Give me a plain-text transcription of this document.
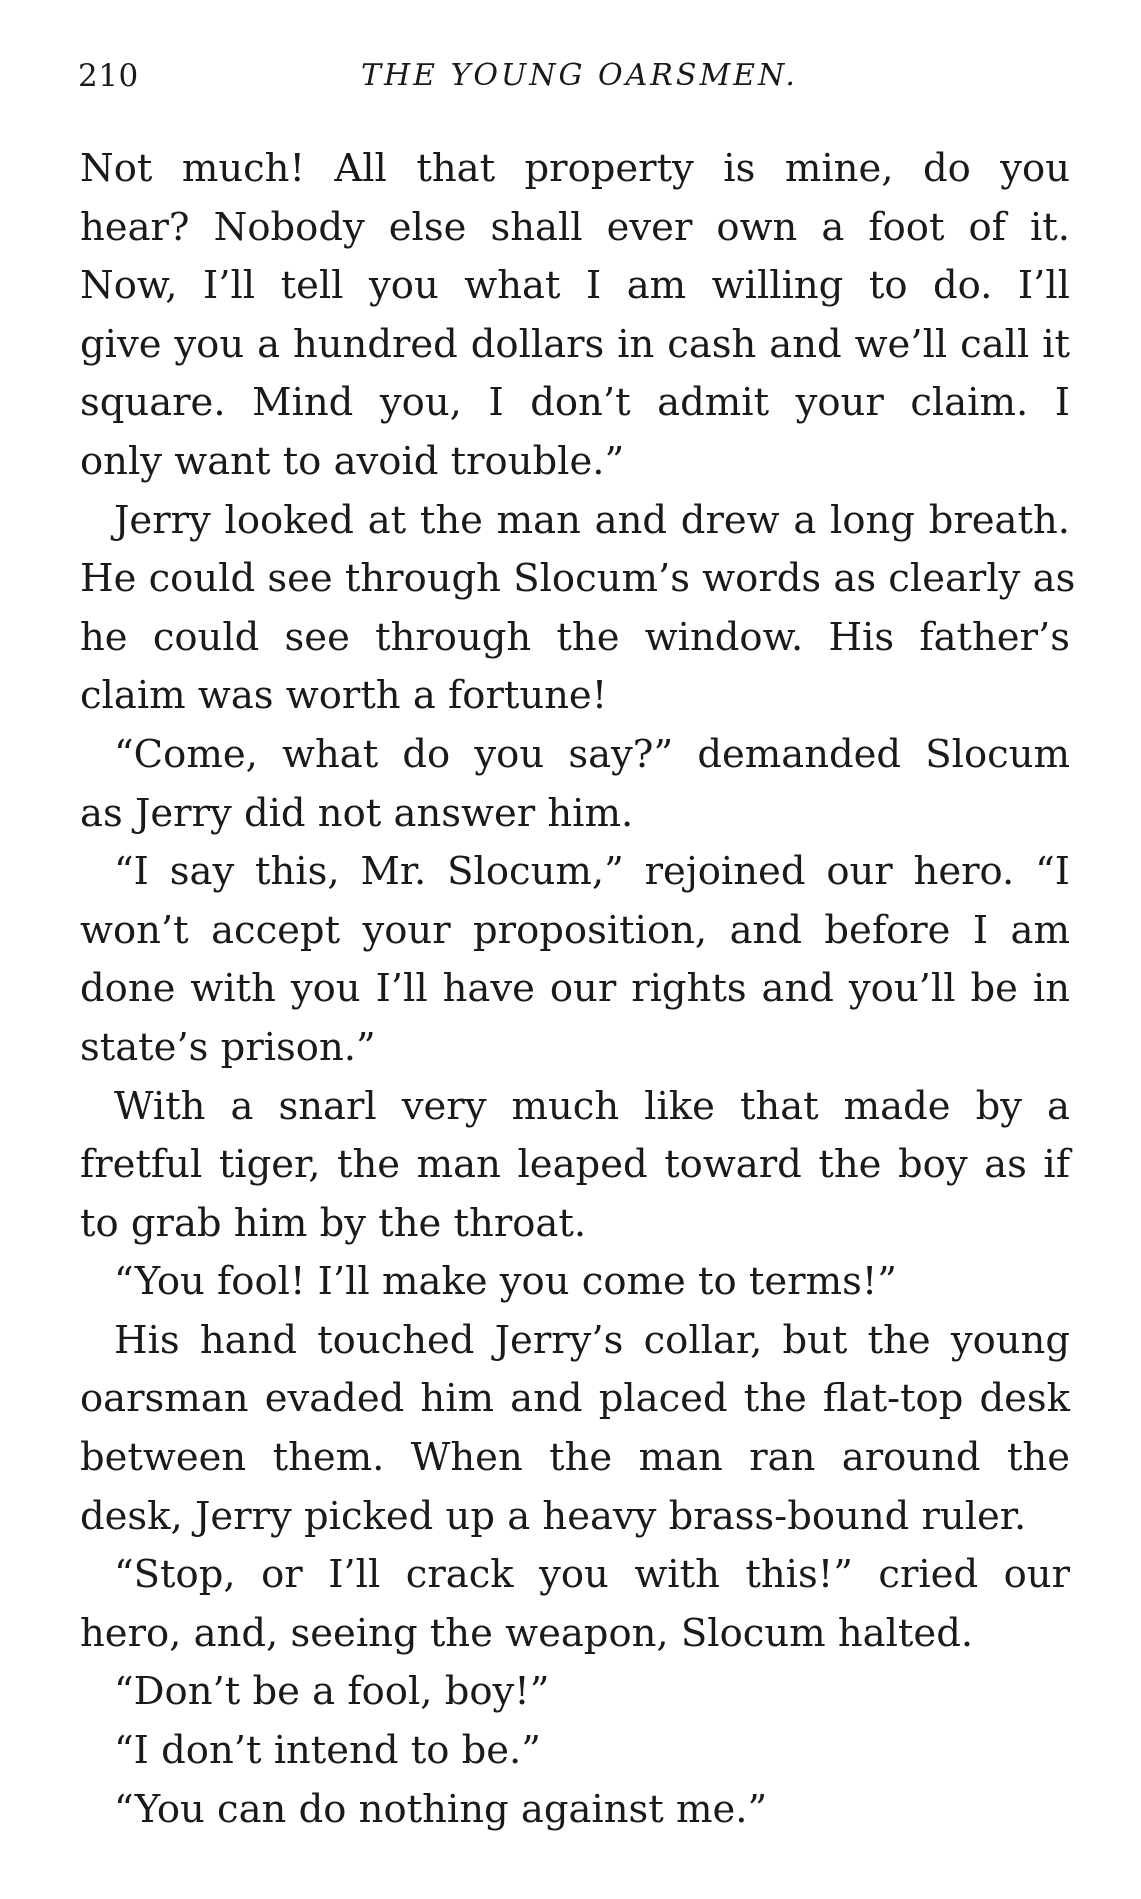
210	THE YOUNG OARSMEN.
Not much! All that property is mine, do you
hear? Nobody else shall ever own a foot of it.
Now, I’ll tell you what I am willing to do. I’ll
give you a hundred dollars in cash and we’ll call it
square. Mind you, I don’t admit your claim. I
only want to avoid trouble.”
Jerry looked at the man and drew a long breath.
He could see through Slocum’s words as clearly as
he could see through the window. His father’s
claim was worth a fortune!
“Come, what do you say?” demanded Slocum
as Jerry did not answer him.
“I say this, Mr. Slocum,” rejoined our hero. “I
won’t accept your proposition, and before I am
done with you I’ll have our rights and you’ll be in
state’s prison.”
With a snarl very much like that made by a
fretful tiger, the man leaped toward the boy as if
to grab him by the throat.
“You fool! I’ll make you come to terms!”
His hand touched Jerry’s collar, but the young
oarsman evaded him and placed the flat-top desk
between them. When the man ran around the
desk, Jerry picked up a heavy brass-bound ruler.
“Stop, or I’ll crack you with this!” cried our
hero, and, seeing the weapon, Slocum halted.
“Don’t be a fool, boy!”
“I don’t intend to be.”
“You can do nothing against me.”
